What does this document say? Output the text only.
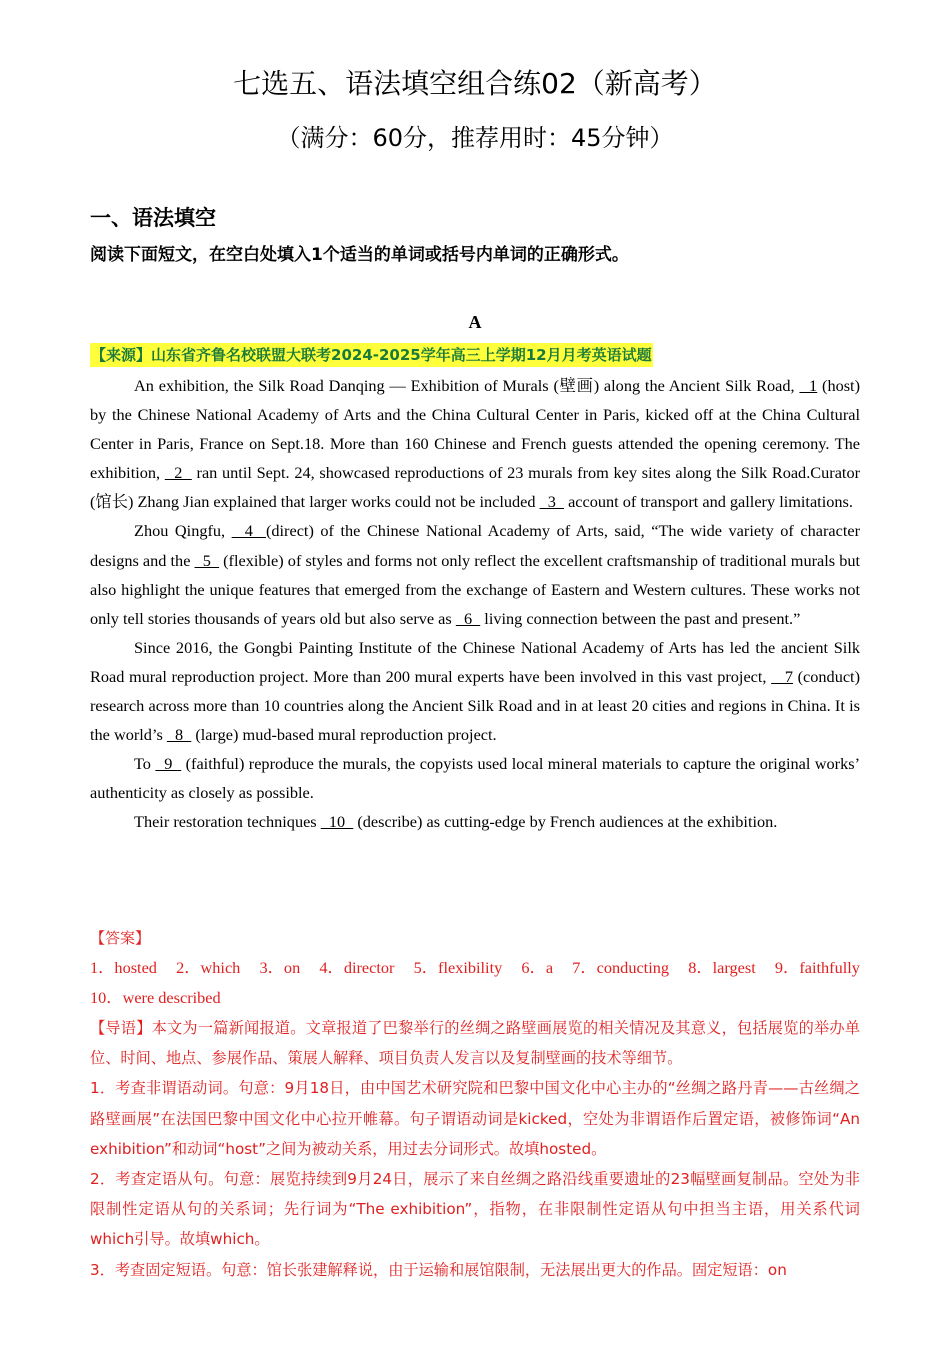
七选五、语法填空组合练02（新高考）
（满分：60分，推荐用时：45分钟）
一、语法填空
阅读下面短文，在空白处填入1个适当的单词或括号内单词的正确形式。
A
【来源】山东省齐鲁名校联盟大联考2024-2025学年高三上学期12月月考英语试题

An exhibition, the Silk Road Danqing — Exhibition of Murals (壁画) along the Ancient Silk Road,   1 (host) by the Chinese National Academy of Arts and the China Cultural Center in Paris, kicked off at the China Cultural Center in Paris, France on Sept.18. More than 160 Chinese and French guests attended the opening ceremony. The exhibition,   2   ran until Sept. 24, showcased reproductions of 23 murals from key sites along the Silk Road.Curator (馆长) Zhang Jian explained that larger works could not be included   3   account of transport and gallery limitations.

Zhou Qingfu,   4  (direct) of the Chinese National Academy of Arts, said, “The wide variety of character designs and the   5   (flexible) of styles and forms not only reflect the excellent craftsmanship of traditional murals but also highlight the unique features that emerged from the exchange of Eastern and Western cultures. These works not only tell stories thousands of years old but also serve as   6   living connection between the past and present.”

Since 2016, the Gongbi Painting Institute of the Chinese National Academy of Arts has led the ancient Silk Road mural reproduction project. More than 200 mural experts have been involved in this vast project,    7 (conduct) research across more than 10 countries along the Ancient Silk Road and in at least 20 cities and regions in China. It is the world’s   8   (large) mud-based mural reproduction project.

To   9   (faithful) reproduce the murals, the copyists used local mineral materials to capture the original works’ authenticity as closely as possible.

Their restoration techniques   10   (describe) as cutting-edge by French audiences at the exhibition.

【答案】
1．hosted 2．which 3．on 4．director 5．flexibility 6．a 7．conducting 8．largest 9．faithfully
10．were described

【导语】本文为一篇新闻报道。文章报道了巴黎举行的丝绸之路壁画展览的相关情况及其意义，包括展览的举办单位、时间、地点、参展作品、策展人解释、项目负责人发言以及复制壁画的技术等细节。

1．考查非谓语动词。句意：9月18日，由中国艺术研究院和巴黎中国文化中心主办的“丝绸之路丹青——古丝绸之路壁画展”在法国巴黎中国文化中心拉开帷幕。句子谓语动词是kicked，空处为非谓语作后置定语，被修饰词“An exhibition”和动词“host”之间为被动关系，用过去分词形式。故填hosted。

2．考查定语从句。句意：展览持续到9月24日，展示了来自丝绸之路沿线重要遗址的23幅壁画复制品。空处为非限制性定语从句的关系词；先行词为“The exhibition”，指物，在非限制性定语从句中担当主语，用关系代词which引导。故填which。

3．考查固定短语。句意：馆长张建解释说，由于运输和展馆限制，无法展出更大的作品。固定短语：on
